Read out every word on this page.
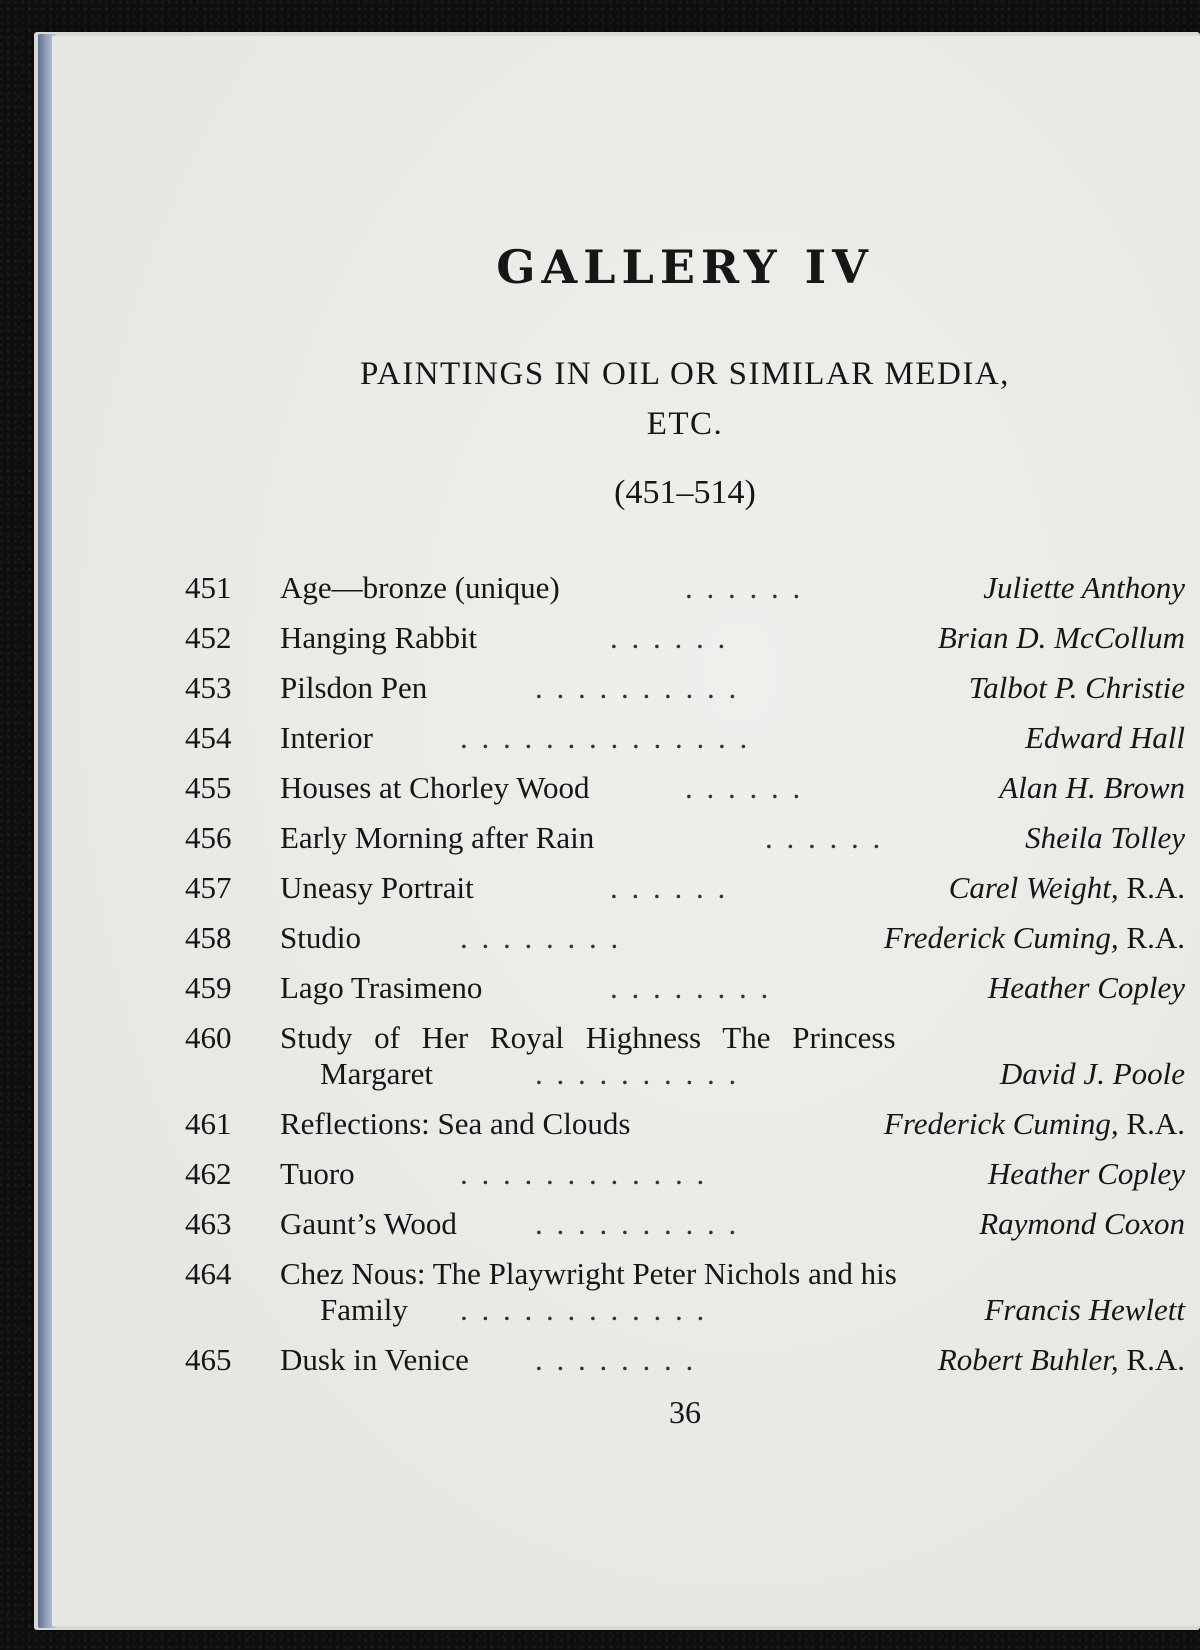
GALLERY IV
PAINTINGS IN OIL OR SIMILAR MEDIA,
ETC.
(451–514)
451 Age—bronze (unique)	. . . . . .	Juliette Anthony
452 Hanging Rabbit	. . . . . .	Brian D. McCollum
453 Pilsdon Pen	. . . . . . . . . .	Talbot P. Christie
454 Interior	. . . . . . . . . . . . . .	Edward Hall
455 Houses at Chorley Wood	. . . . . .	Alan H. Brown
456 Early Morning after Rain	. . . . . .	Sheila Tolley
457 Uneasy Portrait	. . . . . .	Carel Weight, R.A.
458 Studio	. . . . . . . .	Frederick Cuming, R.A.
459 Lago Trasimeno	. . . . . . . .	Heather Copley
460 Study of Her Royal Highness The Princess
Margaret	. . . . . . . . . .	David J. Poole
461 Reflections: Sea and Clouds	Frederick Cuming, R.A.
462 Tuoro	. . . . . . . . . . . .	Heather Copley
463 Gaunt’s Wood	. . . . . . . . . .	Raymond Coxon
464 Chez Nous: The Playwright Peter Nichols and his
Family . . . . . . . . . . . .	Francis Hewlett
465 Dusk in Venice . . . . . . . .	Robert Buhler, R.A.
36
